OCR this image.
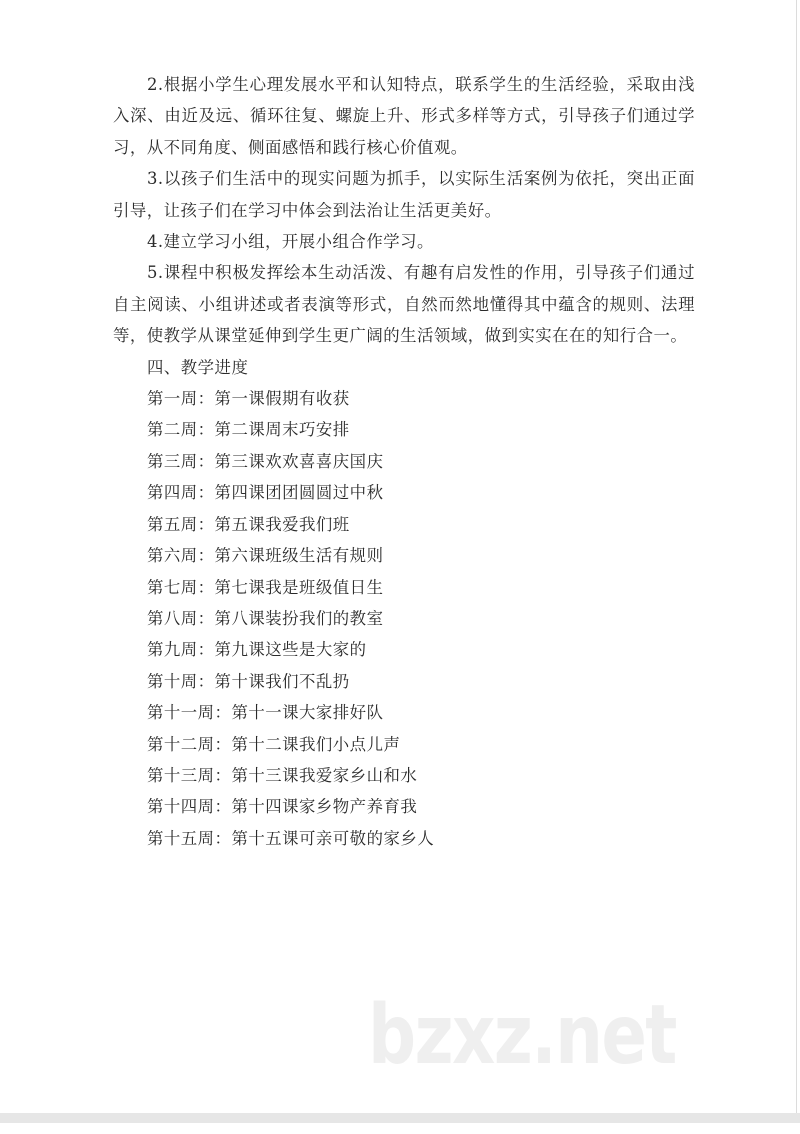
2.根据小学生心理发展水平和认知特点，联系学生的生活经验，采取由浅入深、由近及远、循环往复、螺旋上升、形式多样等方式，引导孩子们通过学习，从不同角度、侧面感悟和践行核心价值观。

3.以孩子们生活中的现实问题为抓手，以实际生活案例为依托，突出正面引导，让孩子们在学习中体会到法治让生活更美好。

4.建立学习小组，开展小组合作学习。

5.课程中积极发挥绘本生动活泼、有趣有启发性的作用，引导孩子们通过自主阅读、小组讲述或者表演等形式，自然而然地懂得其中蕴含的规则、法理等，使教学从课堂延伸到学生更广阔的生活领域，做到实实在在的知行合一。

四、教学进度

第一周：第一课假期有收获

第二周：第二课周末巧安排

第三周：第三课欢欢喜喜庆国庆

第四周：第四课团团圆圆过中秋

第五周：第五课我爱我们班

第六周：第六课班级生活有规则

第七周：第七课我是班级值日生

第八周：第八课装扮我们的教室

第九周：第九课这些是大家的

第十周：第十课我们不乱扔

第十一周：第十一课大家排好队

第十二周：第十二课我们小点儿声

第十三周：第十三课我爱家乡山和水

第十四周：第十四课家乡物产养育我

第十五周：第十五课可亲可敬的家乡人

bzxz.net
